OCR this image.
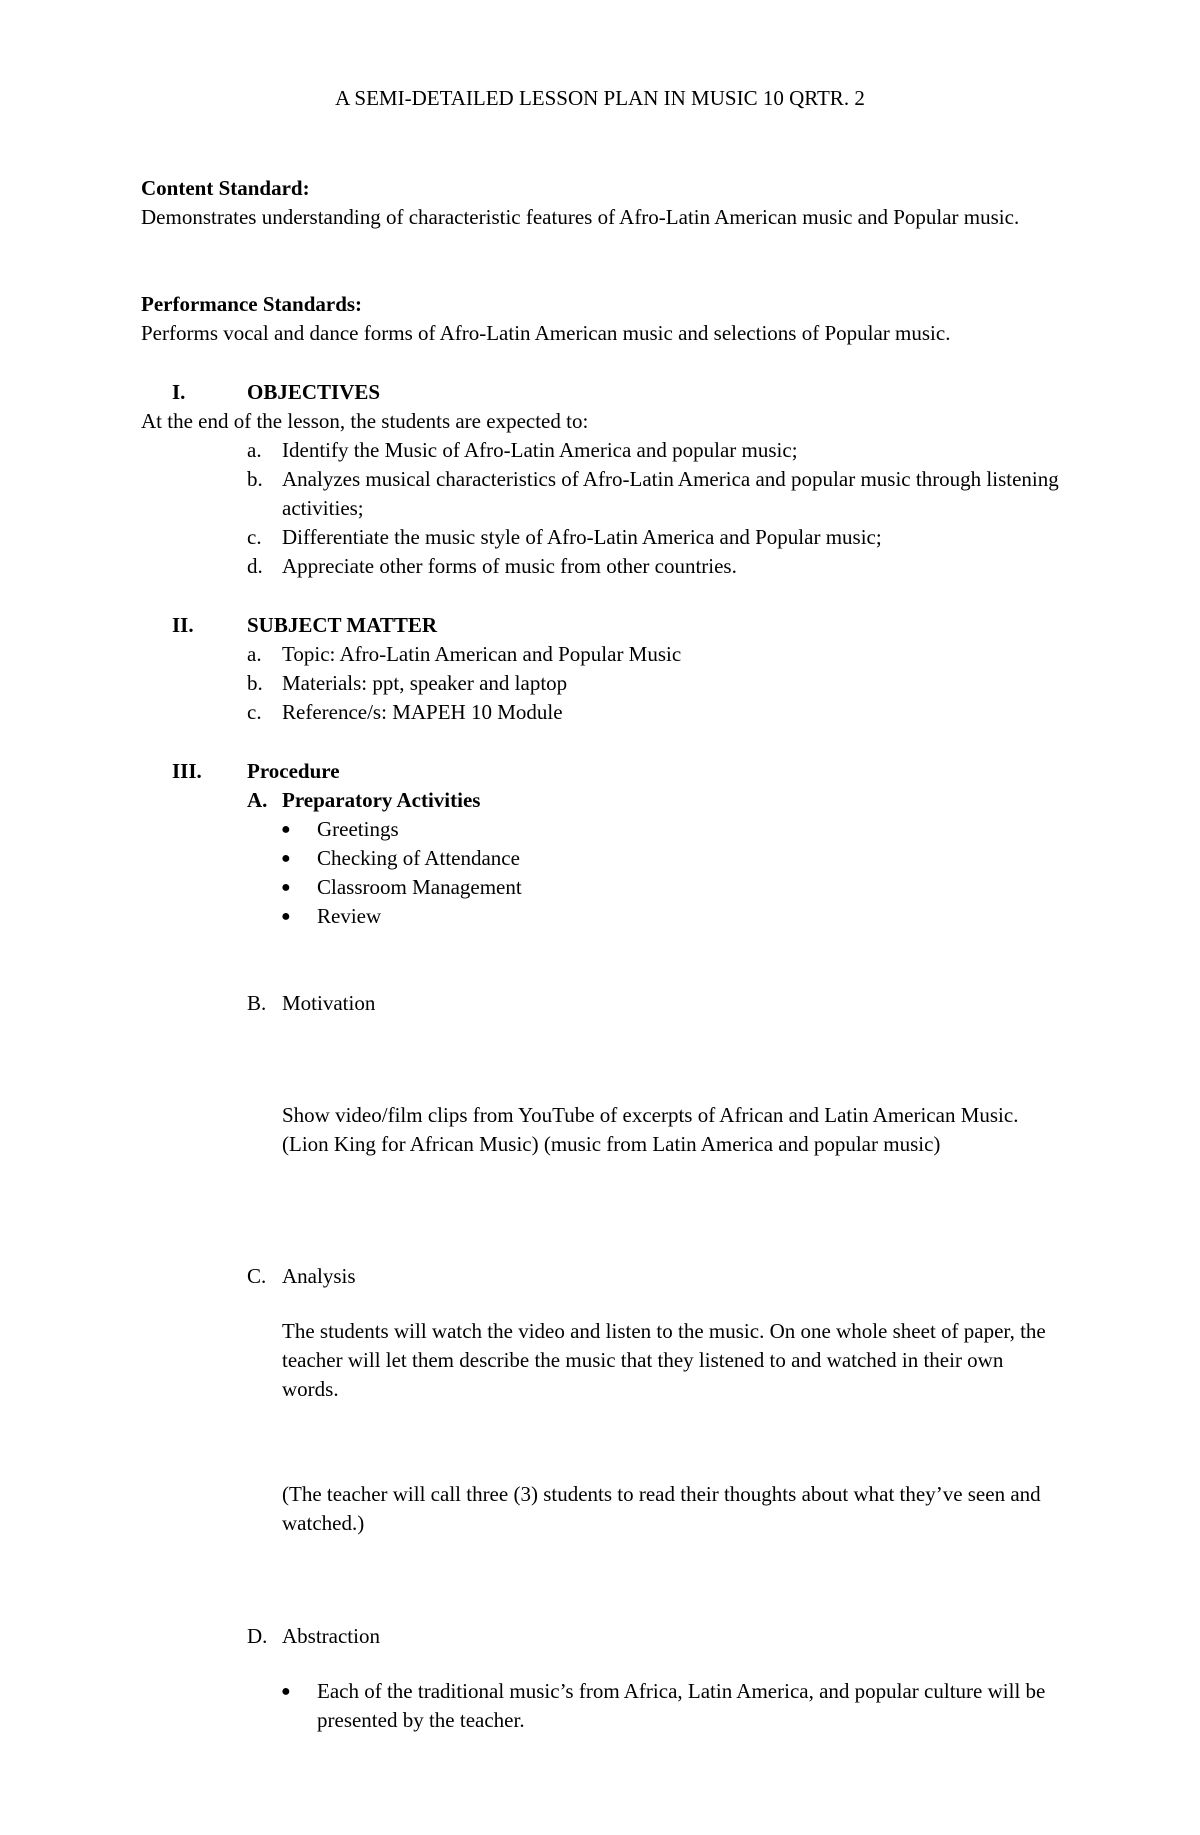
A SEMI-DETAILED LESSON PLAN IN MUSIC 10 QRTR. 2
Content Standard:
Demonstrates understanding of characteristic features of Afro-Latin American music and Popular music.
Performance Standards:
Performs vocal and dance forms of Afro-Latin American music and selections of Popular music.
I.	OBJECTIVES
At the end of the lesson, the students are expected to:
a. Identify the Music of Afro-Latin America and popular music;
b. Analyzes musical characteristics of Afro-Latin America and popular music through listening activities;
c. Differentiate the music style of Afro-Latin America and Popular music;
d. Appreciate other forms of music from other countries.
II.	SUBJECT MATTER
a. Topic: Afro-Latin American and Popular Music
b. Materials: ppt, speaker and laptop
c. Reference/s: MAPEH 10 Module
III. Procedure
A. Preparatory Activities
● Greetings
● Checking of Attendance
● Classroom Management
● Review
B. Motivation
Show video/film clips from YouTube of excerpts of African and Latin American Music. (Lion King for African Music) (music from Latin America and popular music)
C. Analysis
The students will watch the video and listen to the music. On one whole sheet of paper, the teacher will let them describe the music that they listened to and watched in their own words.
(The teacher will call three (3) students to read their thoughts about what they’ve seen and watched.)
D. Abstraction
● Each of the traditional music’s from Africa, Latin America, and popular culture will be presented by the teacher.
